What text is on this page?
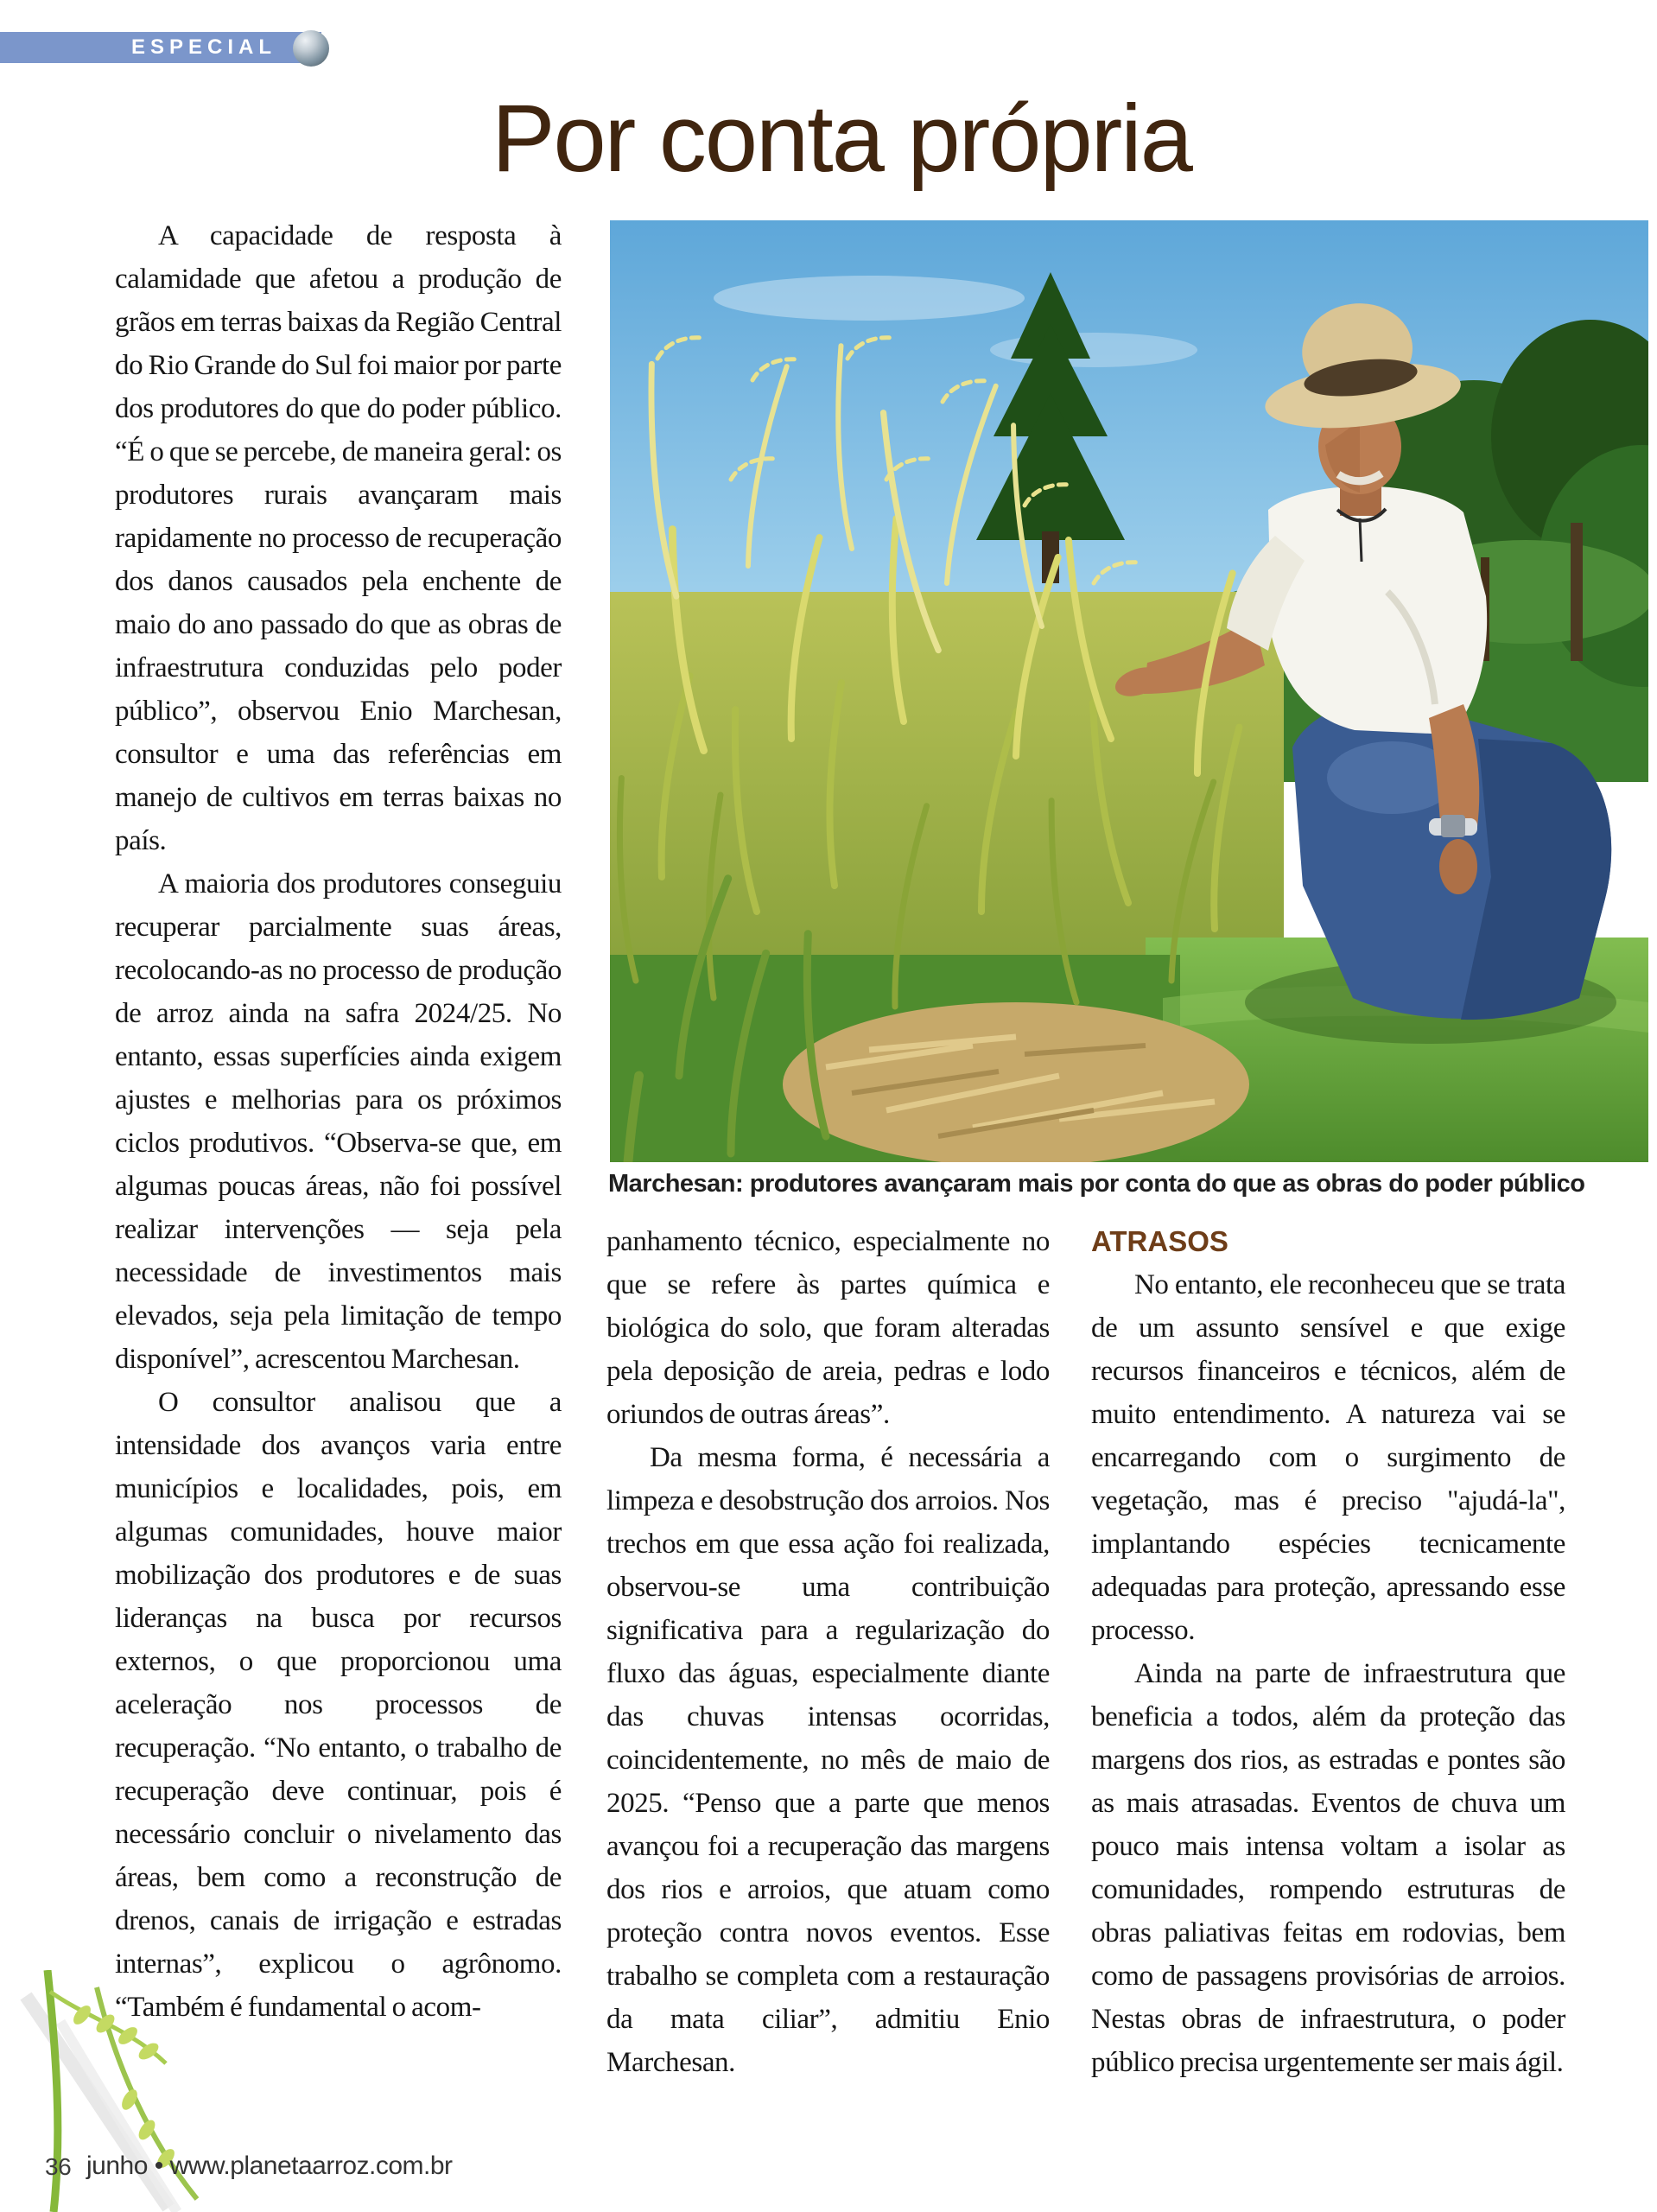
ESPECIAL
Por conta própria
Marchesan: produtores avançaram mais por conta do que as obras do poder público

A capacidade de resposta à calamidade que afetou a produção de grãos em terras baixas da Região Central do Rio Grande do Sul foi maior por parte dos produtores do que do poder público. “É o que se percebe, de maneira geral: os produtores rurais avançaram mais rapidamente no processo de recuperação dos danos causados pela enchente de maio do ano passado do que as obras de infraestrutura conduzidas pelo poder público”, observou Enio Marchesan, consultor e uma das referências em manejo de cultivos em terras baixas no país.

A maioria dos produtores conseguiu recuperar parcialmente suas áreas, recolocando-as no processo de produção de arroz ainda na safra 2024/25. No entanto, essas superfícies ainda exigem ajustes e melhorias para os próximos ciclos produtivos. “Observa-se que, em algumas poucas áreas, não foi possível realizar intervenções — seja pela necessidade de investimentos mais elevados, seja pela limitação de tempo disponível”, acrescentou Marchesan.

O consultor analisou que a intensidade dos avanços varia entre municípios e localidades, pois, em algumas comunidades, houve maior mobilização dos produtores e de suas lideranças na busca por recursos externos, o que proporcionou uma aceleração nos processos de recuperação. “No entanto, o trabalho de recuperação deve continuar, pois é necessário concluir o nivelamento das áreas, bem como a reconstrução de drenos, canais de irrigação e estradas internas”, explicou o agrônomo. “Também é fundamental o acom-

panhamento técnico, especialmente no que se refere às partes química e biológica do solo, que foram alteradas pela deposição de areia, pedras e lodo oriundos de outras áreas”.

Da mesma forma, é necessária a limpeza e desobstrução dos arroios. Nos trechos em que essa ação foi realizada, observou-se uma contribuição significativa para a regularização do fluxo das águas, especialmente diante das chuvas intensas ocorridas, coincidentemente, no mês de maio de 2025. “Penso que a parte que menos avançou foi a recuperação das margens dos rios e arroios, que atuam como proteção contra novos eventos. Esse trabalho se completa com a restauração da mata ciliar”, admitiu Enio Marchesan.

ATRASOS

No entanto, ele reconheceu que se trata de um assunto sensível e que exige recursos financeiros e técnicos, além de muito entendimento. A natureza vai se encarregando com o surgimento de vegetação, mas é preciso "ajudá-la", implantando espécies tecnicamente adequadas para proteção, apressando esse processo.

Ainda na parte de infraestrutura que beneficia a todos, além da proteção das margens dos rios, as estradas e pontes são as mais atrasadas. Eventos de chuva um pouco mais intensa voltam a isolar as comunidades, rompendo estruturas de obras paliativas feitas em rodovias, bem como de passagens provisórias de arroios. Nestas obras de infraestrutura, o poder público precisa urgentemente ser mais ágil.

36 junho • www.planetaarroz.com.br
